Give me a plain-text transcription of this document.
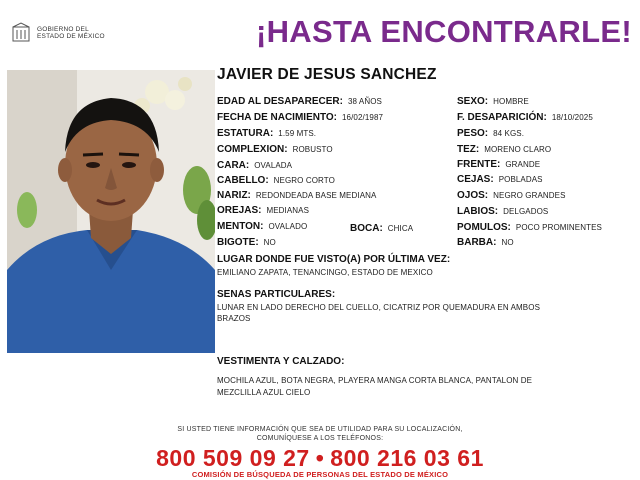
GOBIERNO DEL
ESTADO DE MÉXICO	¡HASTA ENCONTRARLE!
JAVIER DE JESUS SANCHEZ
EDAD AL DESAPARECER: 38 AÑOS
FECHA DE NACIMIENTO: 16/02/1987
ESTATURA: 1.59 MTS.
COMPLEXION: ROBUSTO
CARA: OVALADA
CABELLO: NEGRO CORTO
NARIZ: REDONDEADA BASE MEDIANA
OREJAS: MEDIANAS
MENTON: OVALADO	BOCA: CHICA
BIGOTE: NO
SEXO: HOMBRE
F. DESAPARICIÓN: 18/10/2025
PESO: 84 KGS.
TEZ: MORENO CLARO
FRENTE: GRANDE
CEJAS: POBLADAS
OJOS: NEGRO GRANDES
LABIOS: DELGADOS
POMULOS: POCO PROMINENTES
BARBA: NO
LUGAR DONDE FUE VISTO(A) POR ÚLTIMA VEZ:
EMILIANO ZAPATA, TENANCINGO, ESTADO DE MEXICO
SENAS PARTICULARES:
LUNAR EN LADO DERECHO DEL CUELLO, CICATRIZ POR QUEMADURA EN AMBOS
BRAZOS
VESTIMENTA Y CALZADO:
MOCHILA AZUL, BOTA NEGRA, PLAYERA MANGA CORTA BLANCA, PANTALON DE
MEZCLILLA AZUL CIELO
SI USTED TIENE INFORMACIÓN QUE SEA DE UTILIDAD PARA SU LOCALIZACIÓN,
COMUNÍQUESE A LOS TELÉFONOS:
800 509 09 27 • 800 216 03 61
COMISIÓN DE BÚSQUEDA DE PERSONAS DEL ESTADO DE MÉXICO
